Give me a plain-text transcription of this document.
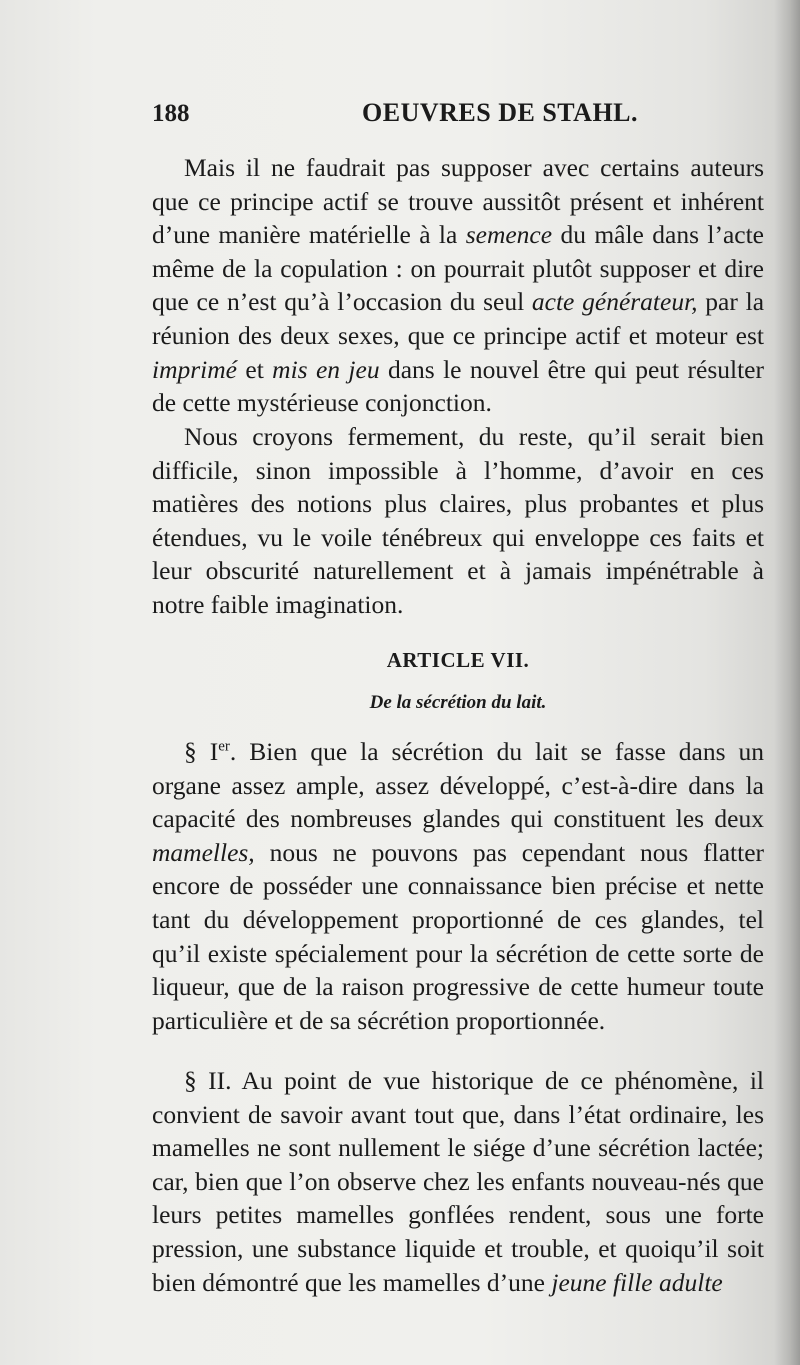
188	OEUVRES DE STAHL.

Mais il ne faudrait pas supposer avec certains auteurs que ce principe actif se trouve aussitôt présent et inhérent d’une manière matérielle à la semence du mâle dans l’acte même de la copulation : on pourrait plutôt supposer et dire que ce n’est qu’à l’occasion du seul acte générateur, par la réunion des deux sexes, que ce principe actif et moteur est imprimé et mis en jeu dans le nouvel être qui peut résulter de cette mystérieuse conjonction.

Nous croyons fermement, du reste, qu’il serait bien difficile, sinon impossible à l’homme, d’avoir en ces matières des notions plus claires, plus probantes et plus étendues, vu le voile ténébreux qui enveloppe ces faits et leur obscurité naturellement et à jamais impénétrable à notre faible imagination.

ARTICLE VII.
De la sécrétion du lait.

§ Ier. Bien que la sécrétion du lait se fasse dans un organe assez ample, assez développé, c’est-à-dire dans la capacité des nombreuses glandes qui constituent les deux mamelles, nous ne pouvons pas cependant nous flatter encore de posséder une connaissance bien précise et nette tant du développement proportionné de ces glandes, tel qu’il existe spécialement pour la sécrétion de cette sorte de liqueur, que de la raison progressive de cette humeur toute particulière et de sa sécrétion proportionnée.

§ II. Au point de vue historique de ce phénomène, il convient de savoir avant tout que, dans l’état ordinaire, les mamelles ne sont nullement le siége d’une sécrétion lactée; car, bien que l’on observe chez les enfants nouveau-nés que leurs petites mamelles gonflées rendent, sous une forte pression, une substance liquide et trouble, et quoiqu’il soit bien démontré que les mamelles d’une jeune fille adulte
